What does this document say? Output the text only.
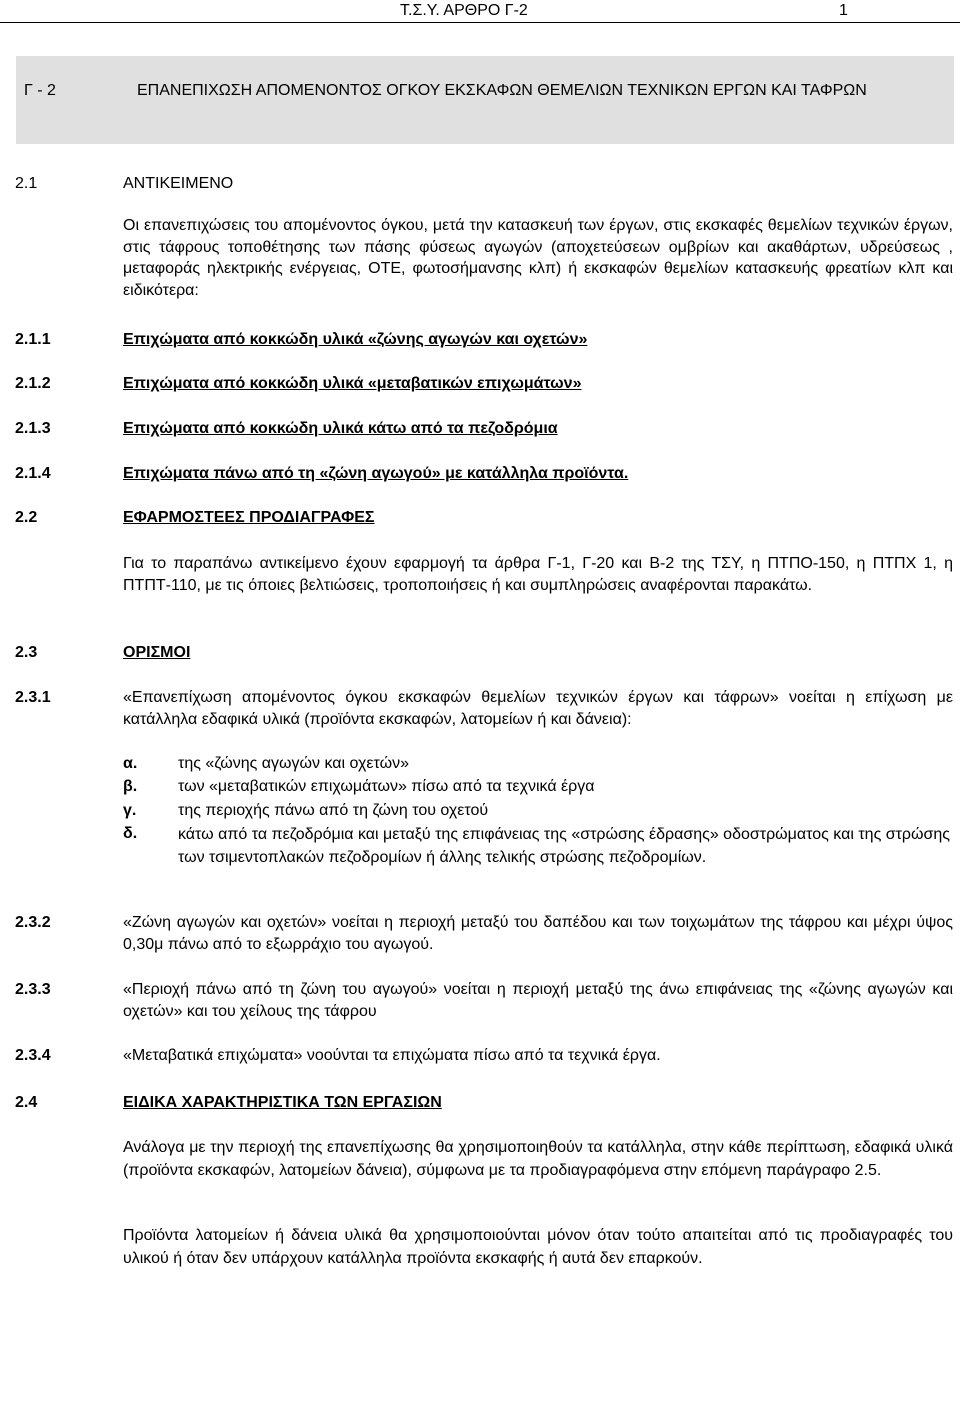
Τ.Σ.Υ. ΑΡΘΡΟ Γ-2	1
Γ - 2	ΕΠΑΝΕΠΙΧΩΣΗ ΑΠΟΜΕΝΟΝΤΟΣ ΟΓΚΟΥ ΕΚΣΚΑΦΩΝ ΘΕΜΕΛΙΩΝ ΤΕΧΝΙΚΩΝ ΕΡΓΩΝ ΚΑΙ ΤΑΦΡΩΝ
2.1	ΑΝΤΙΚΕΙΜΕΝΟ
Οι επανεπιχώσεις του απομένοντος όγκου, μετά την κατασκευή των έργων, στις εκσκαφές θεμελίων τεχνικών έργων, στις τάφρους τοποθέτησης των πάσης φύσεως αγωγών (αποχετεύσεων ομβρίων και ακαθάρτων, υδρεύσεως , μεταφοράς ηλεκτρικής ενέργειας, ΟΤΕ, φωτοσήμανσης κλπ) ή εκσκαφών θεμελίων κατασκευής φρεατίων κλπ και ειδικότερα:
2.1.1	Επιχώματα από κοκκώδη υλικά «ζώνης αγωγών και οχετών»
2.1.2	Επιχώματα από κοκκώδη υλικά «μεταβατικών επιχωμάτων»
2.1.3	Επιχώματα από κοκκώδη υλικά κάτω από τα πεζοδρόμια
2.1.4	Επιχώματα πάνω από τη «ζώνη αγωγού» με κατάλληλα προϊόντα.
2.2	ΕΦΑΡΜΟΣΤΕΕΣ ΠΡΟΔΙΑΓΡΑΦΕΣ
Για το παραπάνω αντικείμενο έχουν εφαρμογή τα άρθρα Γ-1, Γ-20 και Β-2 της ΤΣΥ, η ΠΤΠΟ-150, η ΠΤΠΧ 1, η ΠΤΠΤ-110, με τις όποιες βελτιώσεις, τροποποιήσεις ή και συμπληρώσεις αναφέρονται παρακάτω.
2.3	ΟΡΙΣΜΟΙ
2.3.1	«Επανεπίχωση απομένοντος όγκου εκσκαφών θεμελίων τεχνικών έργων και τάφρων» νοείται η επίχωση με κατάλληλα εδαφικά υλικά (προϊόντα εκσκαφών, λατομείων ή και δάνεια):
α.	της «ζώνης αγωγών και οχετών»
β.	των «μεταβατικών επιχωμάτων» πίσω από τα τεχνικά έργα
γ.	της περιοχής πάνω από τη ζώνη του οχετού
δ.	κάτω από τα πεζοδρόμια και μεταξύ της επιφάνειας της «στρώσης έδρασης» οδοστρώματος και της στρώσης των τσιμεντοπλακών πεζοδρομίων ή άλλης τελικής στρώσης πεζοδρομίων.
2.3.2	«Ζώνη αγωγών και οχετών» νοείται η περιοχή μεταξύ του δαπέδου και των τοιχωμάτων της τάφρου και μέχρι ύψος 0,30μ πάνω από το εξωρράχιο του αγωγού.
2.3.3	«Περιοχή πάνω από τη ζώνη του αγωγού» νοείται η περιοχή μεταξύ της άνω επιφάνειας της «ζώνης αγωγών και οχετών» και του χείλους της τάφρου
2.3.4	«Μεταβατικά επιχώματα» νοούνται τα επιχώματα πίσω από τα τεχνικά έργα.
2.4	ΕΙΔΙΚΑ ΧΑΡΑΚΤΗΡΙΣΤΙΚΑ ΤΩΝ ΕΡΓΑΣΙΩΝ
Ανάλογα με την περιοχή της επανεπίχωσης θα χρησιμοποιηθούν τα κατάλληλα, στην κάθε περίπτωση, εδαφικά υλικά (προϊόντα εκσκαφών, λατομείων δάνεια), σύμφωνα με τα προδιαγραφόμενα στην επόμενη παράγραφο 2.5.
Προϊόντα λατομείων ή δάνεια υλικά θα χρησιμοποιούνται μόνον όταν τούτο απαιτείται από τις προδιαγραφές του υλικού ή όταν δεν υπάρχουν κατάλληλα προϊόντα εκσκαφής ή αυτά δεν επαρκούν.
